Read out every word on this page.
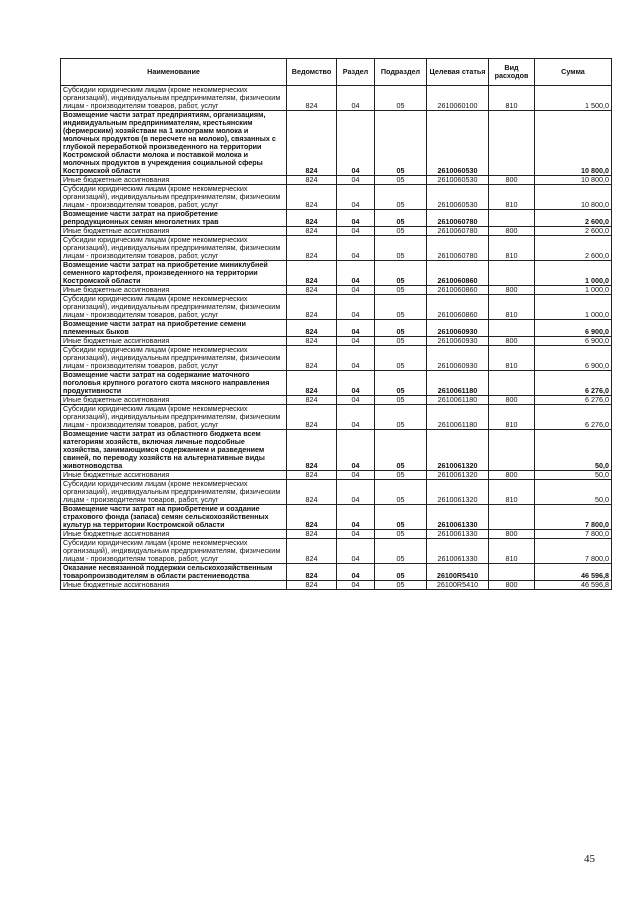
Наименование	Ведомство	Раздел	Подраздел	Целевая статья	Вид расходов	Сумма
Субсидии юридическим лицам (кроме некоммерческих организаций), индивидуальным предпринимателям, физическим лицам - производителям товаров, работ, услуг	824	04	05	2610060100	810	1 500,0
Возмещение части затрат предприятиям, организациям, индивидуальным предпринимателям, крестьянским (фермерским) хозяйствам на 1 килограмм молока и молочных продуктов (в пересчете на молоко), связанных с глубокой переработкой произведенного на территории Костромской области молока и поставкой молока и молочных продуктов в учреждения социальной сферы Костромской области	824	04	05	2610060530		10 800,0
Иные бюджетные ассигнования	824	04	05	2610060530	800	10 800,0
Субсидии юридическим лицам (кроме некоммерческих организаций), индивидуальным предпринимателям, физическим лицам - производителям товаров, работ, услуг	824	04	05	2610060530	810	10 800,0
Возмещение части затрат на приобретение репродукционных семян многолетних трав	824	04	05	2610060780		2 600,0
Иные бюджетные ассигнования	824	04	05	2610060780	800	2 600,0
Субсидии юридическим лицам (кроме некоммерческих организаций), индивидуальным предпринимателям, физическим лицам - производителям товаров, работ, услуг	824	04	05	2610060780	810	2 600,0
Возмещение части затрат на приобретение миниклубней семенного картофеля, произведенного на территории Костромской области	824	04	05	2610060860		1 000,0
Иные бюджетные ассигнования	824	04	05	2610060860	800	1 000,0
Субсидии юридическим лицам (кроме некоммерческих организаций), индивидуальным предпринимателям, физическим лицам - производителям товаров, работ, услуг	824	04	05	2610060860	810	1 000,0
Возмещение части затрат на приобретение семени племенных быков	824	04	05	2610060930		6 900,0
Иные бюджетные ассигнования	824	04	05	2610060930	800	6 900,0
Субсидии юридическим лицам (кроме некоммерческих организаций), индивидуальным предпринимателям, физическим лицам - производителям товаров, работ, услуг	824	04	05	2610060930	810	6 900,0
Возмещение части затрат на содержание маточного поголовья крупного рогатого скота мясного направления продуктивности	824	04	05	2610061180		6 276,0
Иные бюджетные ассигнования	824	04	05	2610061180	800	6 276,0
Субсидии юридическим лицам (кроме некоммерческих организаций), индивидуальным предпринимателям, физическим лицам - производителям товаров, работ, услуг	824	04	05	2610061180	810	6 276,0
Возмещение части затрат из областного бюджета всем категориям хозяйств, включая личные подсобные хозяйства, занимающимся содержанием и разведением свиней, по переводу хозяйств на альтернативные виды животноводства	824	04	05	2610061320		50,0
Иные бюджетные ассигнования	824	04	05	2610061320	800	50,0
Субсидии юридическим лицам (кроме некоммерческих организаций), индивидуальным предпринимателям, физическим лицам - производителям товаров, работ, услуг	824	04	05	2610061320	810	50,0
Возмещение части затрат на приобретение и создание страхового фонда (запаса) семян сельскохозяйственных культур на территории Костромской области	824	04	05	2610061330		7 800,0
Иные бюджетные ассигнования	824	04	05	2610061330	800	7 800,0
Субсидии юридическим лицам (кроме некоммерческих организаций), индивидуальным предпринимателям, физическим лицам - производителям товаров, работ, услуг	824	04	05	2610061330	810	7 800,0
Оказание несвязанной поддержки сельскохозяйственным товаропроизводителям в области растениеводства	824	04	05	26100R5410		46 596,8
Иные бюджетные ассигнования	824	04	05	26100R5410	800	46 596,8
45
